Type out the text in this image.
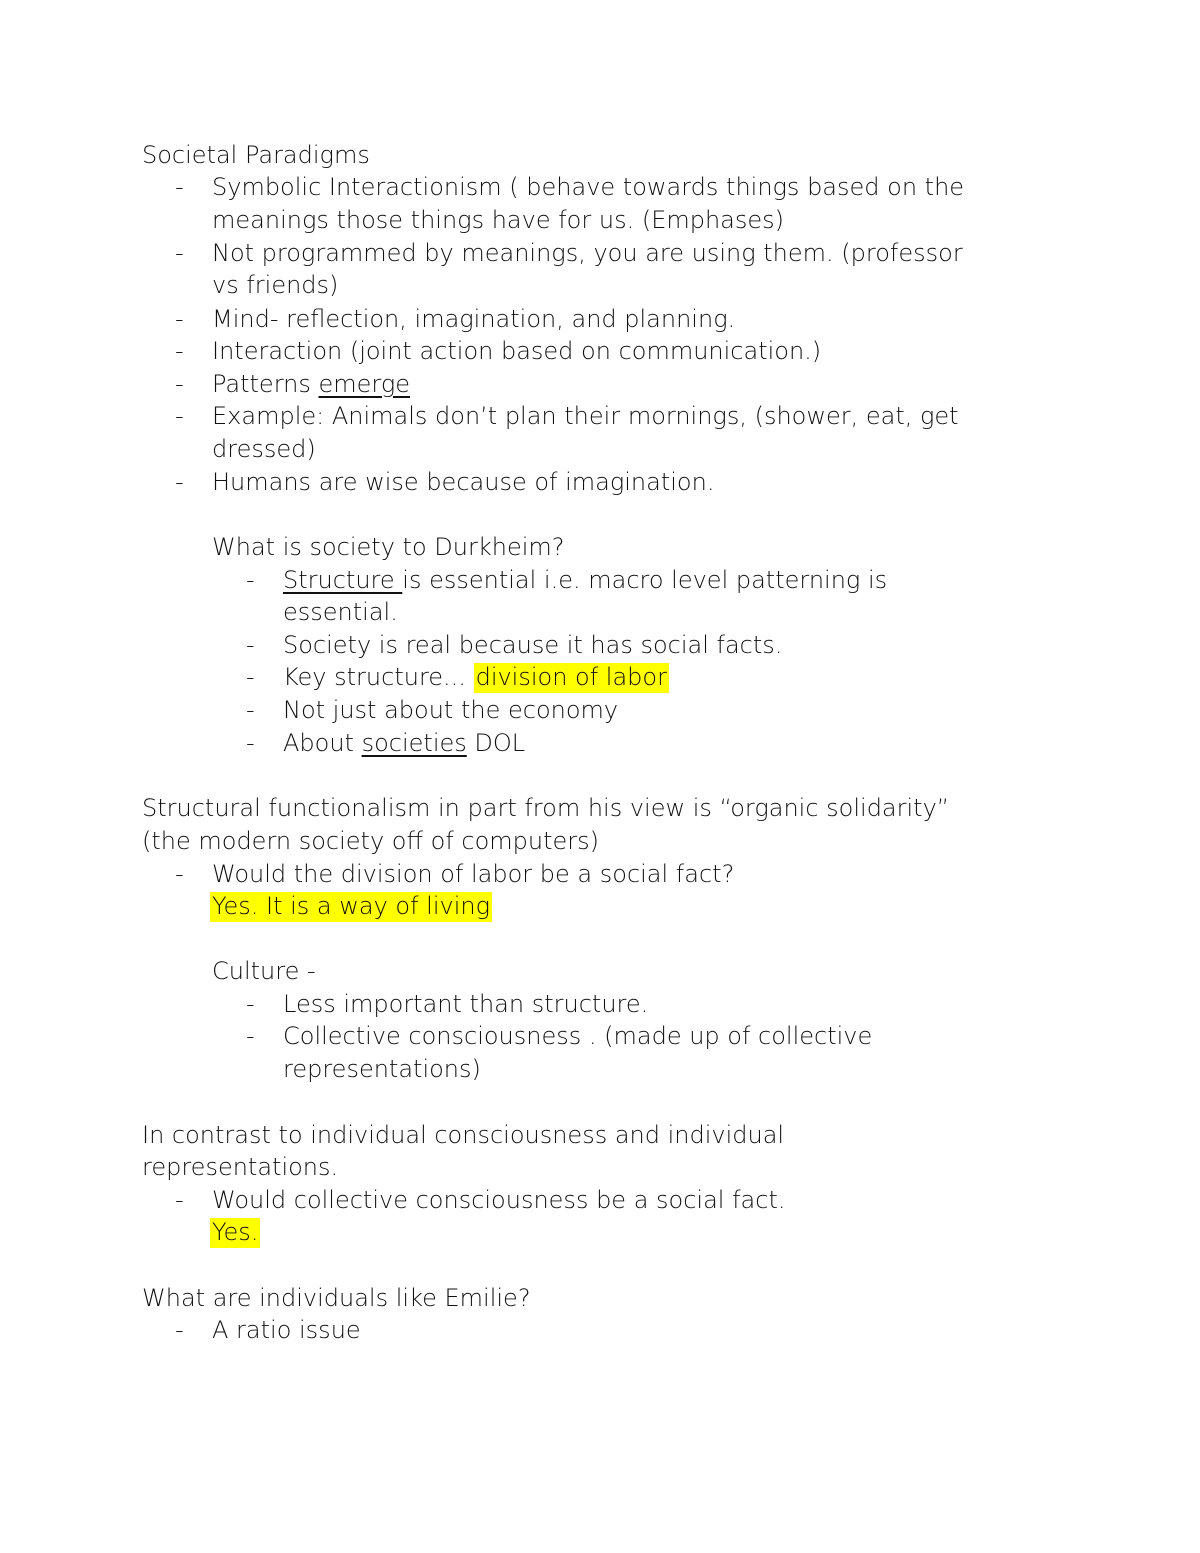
Societal Paradigms
- Symbolic Interactionism ( behave towards things based on the
meanings those things have for us. (Emphases)
- Not programmed by meanings, you are using them. (professor
vs friends)
- Mind- reflection, imagination, and planning.
- Interaction (joint action based on communication.)
- Patterns emerge
- Example: Animals don’t plan their mornings, (shower, eat, get
dressed)
- Humans are wise because of imagination.
What is society to Durkheim?
- Structure is essential i.e. macro level patterning is
essential.
- Society is real because it has social facts.
- Key structure... division of labor
- Not just about the economy
- About societies DOL
Structural functionalism in part from his view is “organic solidarity”
(the modern society off of computers)
- Would the division of labor be a social fact?
Yes. It is a way of living
Culture -
- Less important than structure.
- Collective consciousness . (made up of collective
representations)
In contrast to individual consciousness and individual
representations.
- Would collective consciousness be a social fact.
Yes.
What are individuals like Emilie?
- A ratio issue
